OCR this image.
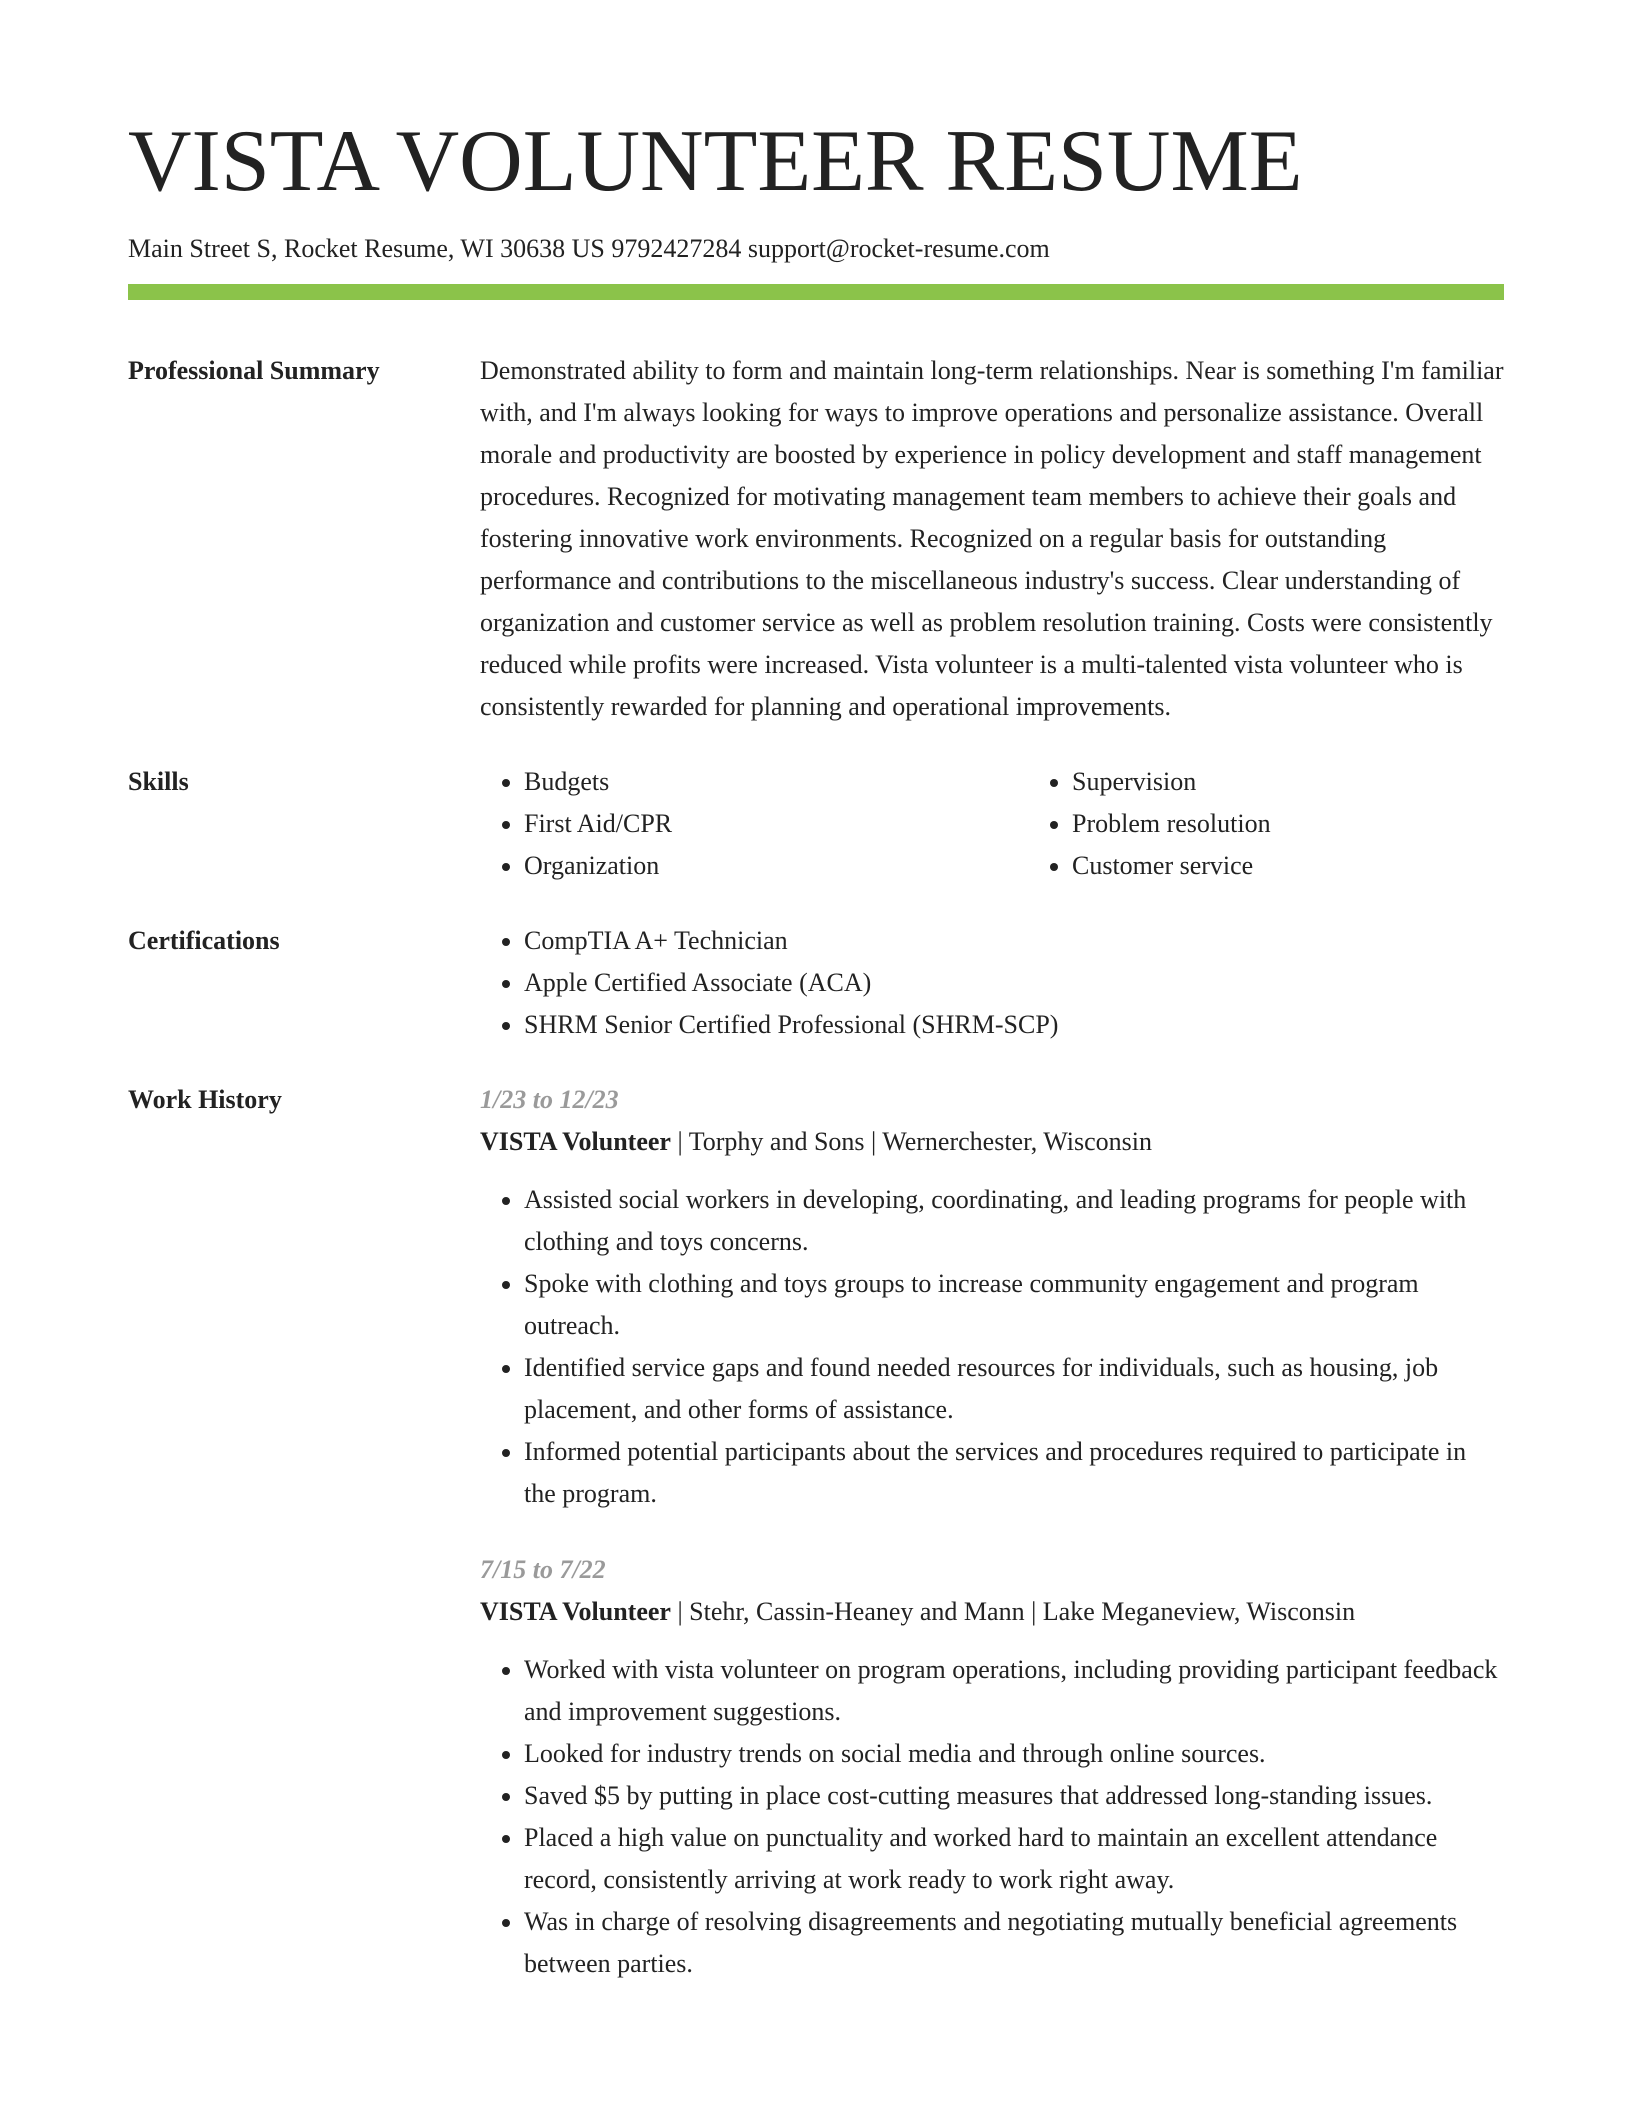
VISTA VOLUNTEER RESUME
Main Street S, Rocket Resume, WI 30638 US 9792427284 support@rocket-resume.com
Professional Summary	Demonstrated ability to form and maintain long-term relationships. Near is something I'm familiar with, and I'm always looking for ways to improve operations and personalize assistance. Overall morale and productivity are boosted by experience in policy development and staff management procedures. Recognized for motivating management team members to achieve their goals and fostering innovative work environments. Recognized on a regular basis for outstanding performance and contributions to the miscellaneous industry's success. Clear understanding of organization and customer service as well as problem resolution training. Costs were consistently reduced while profits were increased. Vista volunteer is a multi-talented vista volunteer who is consistently rewarded for planning and operational improvements.
Skills	• Budgets
• First Aid/CPR
• Organization
• Supervision
• Problem resolution
• Customer service
Certifications	• CompTIA A+ Technician
• Apple Certified Associate (ACA)
• SHRM Senior Certified Professional (SHRM-SCP)
Work History	1/23 to 12/23
VISTA Volunteer | Torphy and Sons | Wernerchester, Wisconsin
• Assisted social workers in developing, coordinating, and leading programs for people with clothing and toys concerns.
• Spoke with clothing and toys groups to increase community engagement and program outreach.
• Identified service gaps and found needed resources for individuals, such as housing, job placement, and other forms of assistance.
• Informed potential participants about the services and procedures required to participate in the program.
7/15 to 7/22
VISTA Volunteer | Stehr, Cassin-Heaney and Mann | Lake Meganeview, Wisconsin
• Worked with vista volunteer on program operations, including providing participant feedback and improvement suggestions.
• Looked for industry trends on social media and through online sources.
• Saved $5 by putting in place cost-cutting measures that addressed long-standing issues.
• Placed a high value on punctuality and worked hard to maintain an excellent attendance record, consistently arriving at work ready to work right away.
• Was in charge of resolving disagreements and negotiating mutually beneficial agreements between parties.
